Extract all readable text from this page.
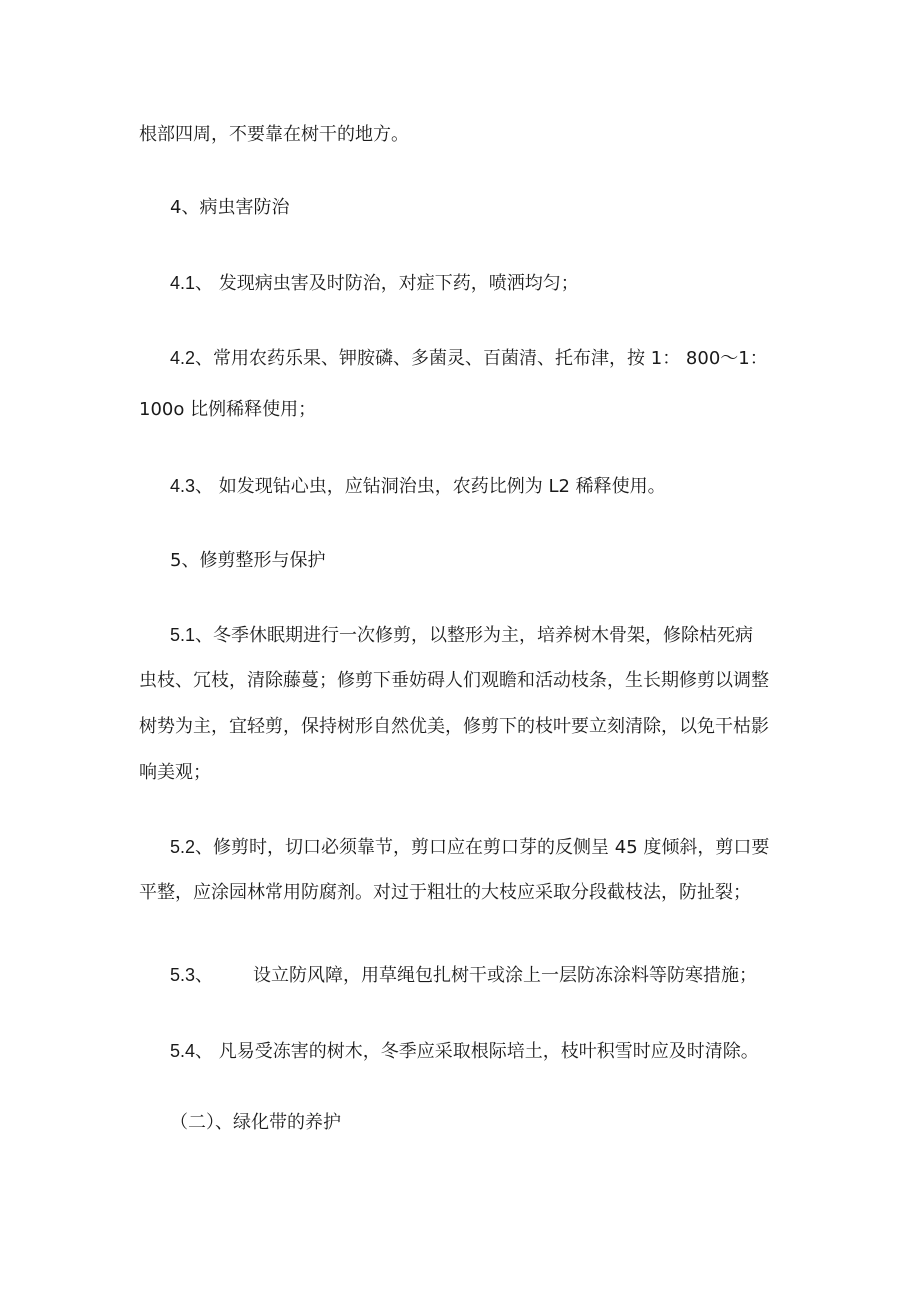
根部四周，不要靠在树干的地方。
4、病虫害防治
4.1、 发现病虫害及时防治，对症下药，喷洒均匀；
4.2、常用农药乐果、钾胺磷、多菌灵、百菌清、托布津，按 1： 800～1：
100o 比例稀释使用；
4.3、 如发现钻心虫，应钻洞治虫，农药比例为 L2 稀释使用。
5、修剪整形与保护
5.1、冬季休眠期进行一次修剪，以整形为主，培养树木骨架，修除枯死病
虫枝、冗枝，清除藤蔓；修剪下垂妨碍人们观瞻和活动枝条，生长期修剪以调整
树势为主，宜轻剪，保持树形自然优美，修剪下的枝叶要立刻清除，以免干枯影
响美观；
5.2、修剪时，切口必须靠节，剪口应在剪口芽的反侧呈 45 度倾斜，剪口要
平整，应涂园林常用防腐剂。对过于粗壮的大枝应采取分段截枝法，防扯裂；
5.3、 设立防风障，用草绳包扎树干或涂上一层防冻涂料等防寒措施；
5.4、 凡易受冻害的树木，冬季应采取根际培土，枝叶积雪时应及时清除。
（二）、绿化带的养护
